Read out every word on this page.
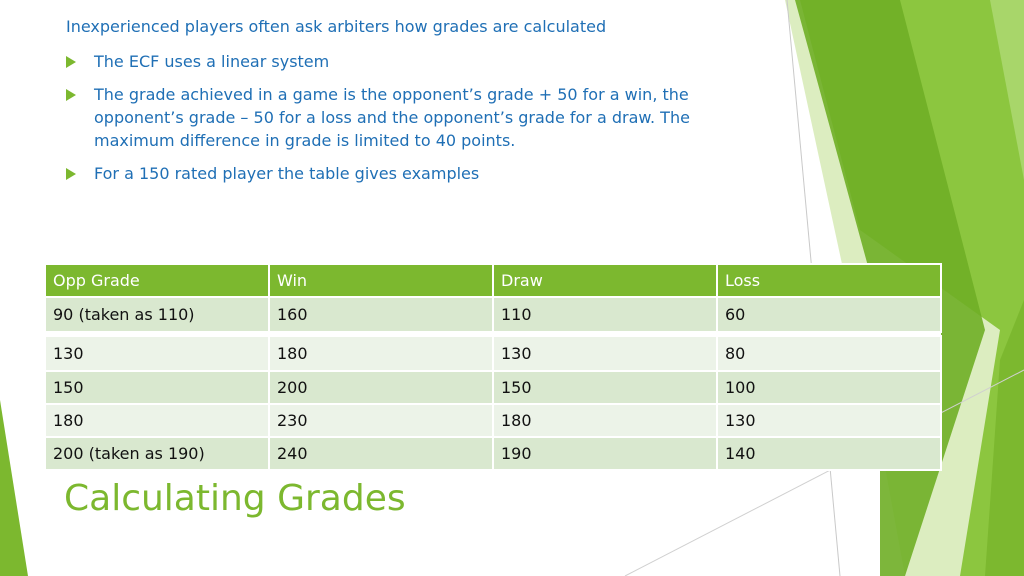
Inexperienced players often ask arbiters how grades are calculated
The ECF uses a linear system
The grade achieved in a game is the opponent’s grade + 50 for a win, the opponent’s grade – 50 for a loss and the opponent’s grade for a draw. The maximum difference in grade is limited to 40 points.
For a 150 rated player the table gives examples
Opp Grade	Win	Draw	Loss
90 (taken as 110)	160	110	60

130	180	130	80
150	200	150	100
180	230	180	130
200 (taken as 190)	240	190	140
Calculating Grades
